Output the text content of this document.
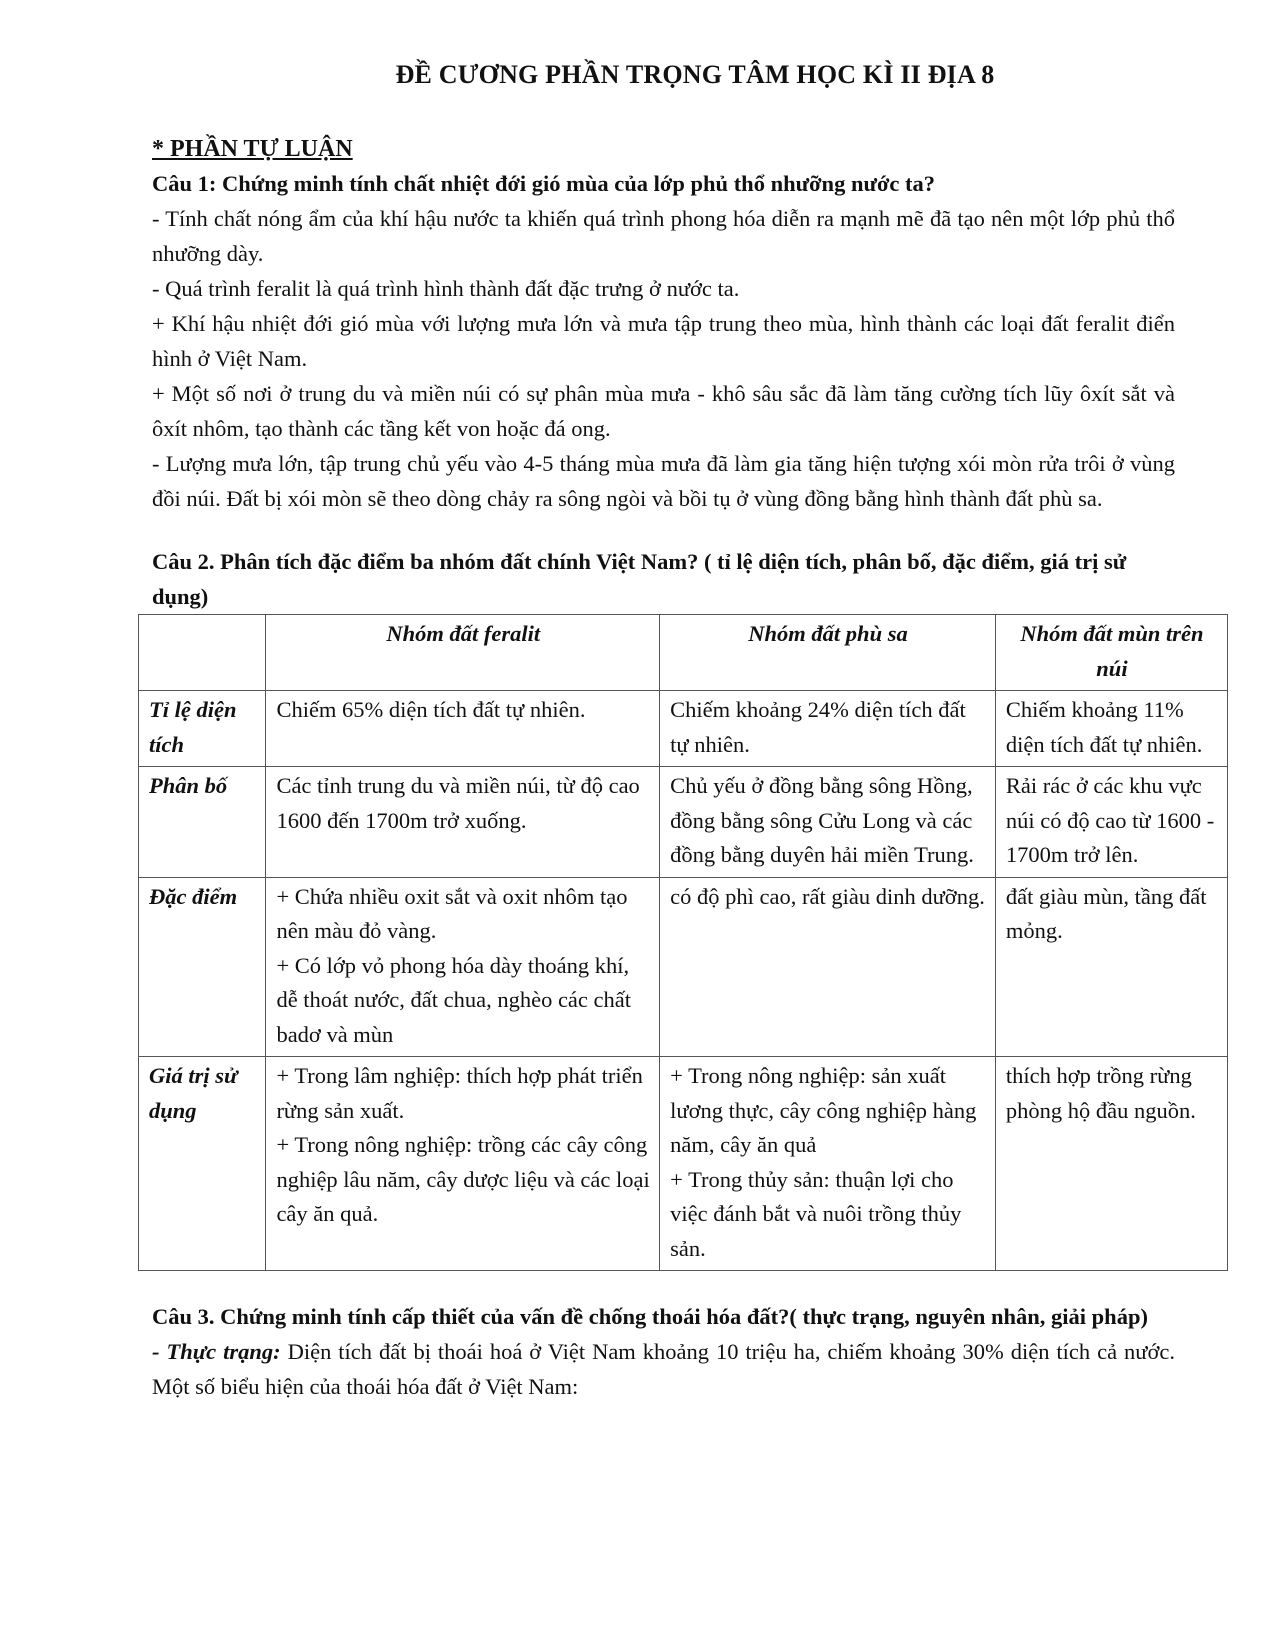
ĐỀ CƯƠNG PHẦN TRỌNG TÂM HỌC KÌ II ĐỊA 8

* PHẦN TỰ LUẬN

Câu 1: Chứng minh tính chất nhiệt đới gió mùa của lớp phủ thổ nhưỡng nước ta?

- Tính chất nóng ẩm của khí hậu nước ta khiến quá trình phong hóa diễn ra mạnh mẽ đã tạo nên một lớp phủ thổ nhưỡng dày.

- Quá trình feralit là quá trình hình thành đất đặc trưng ở nước ta.

+ Khí hậu nhiệt đới gió mùa với lượng mưa lớn và mưa tập trung theo mùa, hình thành các loại đất feralit điển hình ở Việt Nam.

+ Một số nơi ở trung du và miền núi có sự phân mùa mưa - khô sâu sắc đã làm tăng cường tích lũy ôxít sắt và ôxít nhôm, tạo thành các tầng kết von hoặc đá ong.

- Lượng mưa lớn, tập trung chủ yếu vào 4-5 tháng mùa mưa đã làm gia tăng hiện tượng xói mòn rửa trôi ở vùng đồi núi. Đất bị xói mòn sẽ theo dòng chảy ra sông ngòi và bồi tụ ở vùng đồng bằng hình thành đất phù sa.

Câu 2. Phân tích đặc điểm ba nhóm đất chính Việt Nam? ( tỉ lệ diện tích, phân bố, đặc điểm, giá trị sử dụng)

	Nhóm đất feralit	Nhóm đất phù sa	Nhóm đất mùn trên núi
Tỉ lệ diện tích	Chiếm 65% diện tích đất tự nhiên.	Chiếm khoảng 24% diện tích đất tự nhiên.	Chiếm khoảng 11% diện tích đất tự nhiên.
Phân bố	Các tỉnh trung du và miền núi, từ độ cao 1600 đến 1700m trở xuống.	Chủ yếu ở đồng bằng sông Hồng, đồng bằng sông Cửu Long và các đồng bằng duyên hải miền Trung.	Rải rác ở các khu vực núi có độ cao từ 1600 - 1700m trở lên.
Đặc điểm	+ Chứa nhiều oxit sắt và oxit nhôm tạo nên màu đỏ vàng.
+ Có lớp vỏ phong hóa dày thoáng khí, dễ thoát nước, đất chua, nghèo các chất badơ và mùn	có độ phì cao, rất giàu dinh dưỡng.	đất giàu mùn, tầng đất mỏng.
Giá trị sử dụng	+ Trong lâm nghiệp: thích hợp phát triển rừng sản xuất.
+ Trong nông nghiệp: trồng các cây công nghiệp lâu năm, cây dược liệu và các loại cây ăn quả.	+ Trong nông nghiệp: sản xuất lương thực, cây công nghiệp hàng năm, cây ăn quả
+ Trong thủy sản: thuận lợi cho việc đánh bắt và nuôi trồng thủy sản.	thích hợp trồng rừng phòng hộ đầu nguồn.

Câu 3. Chứng minh tính cấp thiết của vấn đề chống thoái hóa đất?( thực trạng, nguyên nhân, giải pháp)

- Thực trạng: Diện tích đất bị thoái hoá ở Việt Nam khoảng 10 triệu ha, chiếm khoảng 30% diện tích cả nước. Một số biểu hiện của thoái hóa đất ở Việt Nam:
